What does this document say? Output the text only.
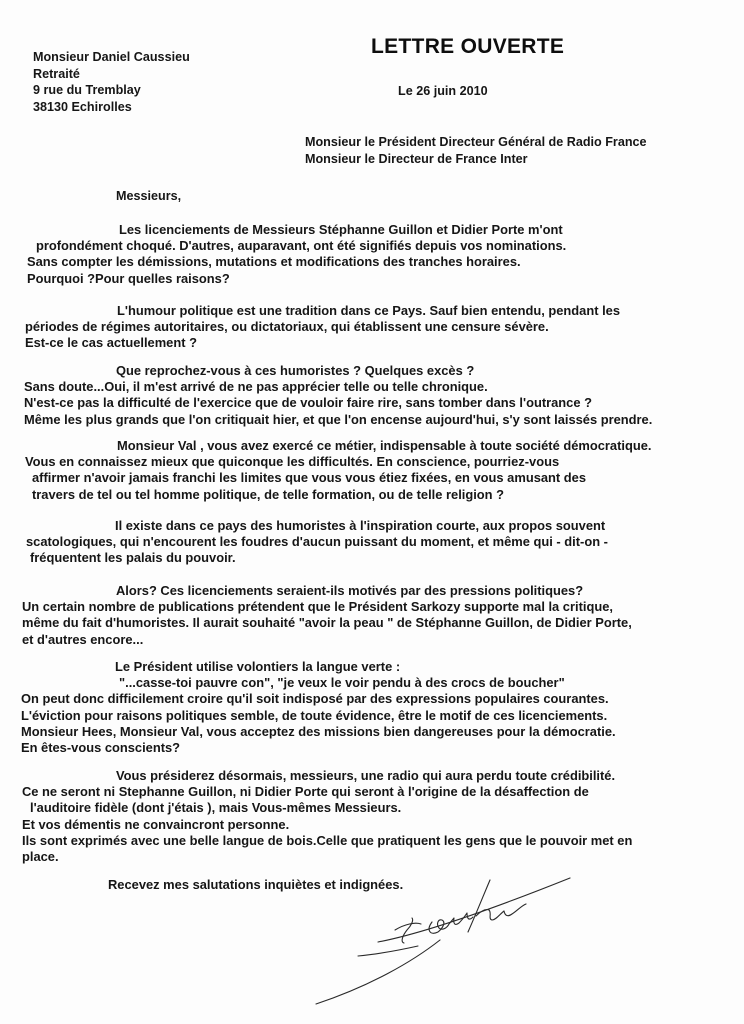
Monsieur Daniel Caussieu
Retraité
9 rue du Tremblay
38130 Echirolles
LETTRE OUVERTE
Le 26 juin 2010
Monsieur le Président Directeur Général de Radio France
Monsieur le Directeur de France Inter
Messieurs,
Les licenciements de Messieurs Stéphanne Guillon et Didier Porte m'ont
profondément choqué. D'autres, auparavant, ont été signifiés depuis vos nominations.
Sans compter les démissions, mutations et modifications des tranches horaires.
Pourquoi ?Pour quelles raisons?
L'humour politique est une tradition dans ce Pays. Sauf bien entendu, pendant les
périodes de régimes autoritaires, ou dictatoriaux, qui établissent une censure sévère.
Est-ce le cas actuellement ?
Que reprochez-vous à ces humoristes ? Quelques excès ?
Sans doute...Oui, il m'est arrivé de ne pas apprécier telle ou telle chronique.
N'est-ce pas la difficulté de l'exercice que de vouloir faire rire, sans tomber dans l'outrance ?
Même les plus grands que l'on critiquait hier, et que l'on encense aujourd'hui, s'y sont laissés prendre.
Monsieur Val , vous avez exercé ce métier, indispensable à toute société démocratique.
Vous en connaissez mieux que quiconque les difficultés. En conscience, pourriez-vous
affirmer n'avoir jamais franchi les limites que vous vous étiez fixées, en vous amusant des
travers de tel ou tel homme politique, de telle formation, ou de telle religion ?
Il existe dans ce pays des humoristes à l'inspiration courte, aux propos souvent
scatologiques, qui n'encourent les foudres d'aucun puissant du moment, et même qui - dit-on -
fréquentent les palais du pouvoir.
Alors? Ces licenciements seraient-ils motivés par des pressions politiques?
Un certain nombre de publications prétendent que le Président Sarkozy supporte mal la critique,
même du fait d'humoristes. Il aurait souhaité "avoir la peau " de Stéphanne Guillon, de Didier Porte,
et d'autres encore...
Le Président utilise volontiers la langue verte :
"...casse-toi pauvre con", "je veux le voir pendu à des crocs de boucher"
On peut donc difficilement croire qu'il soit indisposé par des expressions populaires courantes.
L'éviction pour raisons politiques semble, de toute évidence, être le motif de ces licenciements.
Monsieur Hees, Monsieur Val, vous acceptez des missions bien dangereuses pour la démocratie.
En êtes-vous conscients?
Vous présiderez désormais, messieurs, une radio qui aura perdu toute crédibilité.
Ce ne seront ni Stephanne Guillon, ni Didier Porte qui seront à l'origine de la désaffection de
l'auditoire fidèle (dont j'étais ), mais Vous-mêmes Messieurs.
Et vos démentis ne convaincront personne.
Ils sont exprimés avec une belle langue de bois.Celle que pratiquent les gens que le pouvoir met en
place.
Recevez mes salutations inquiètes et indignées.
